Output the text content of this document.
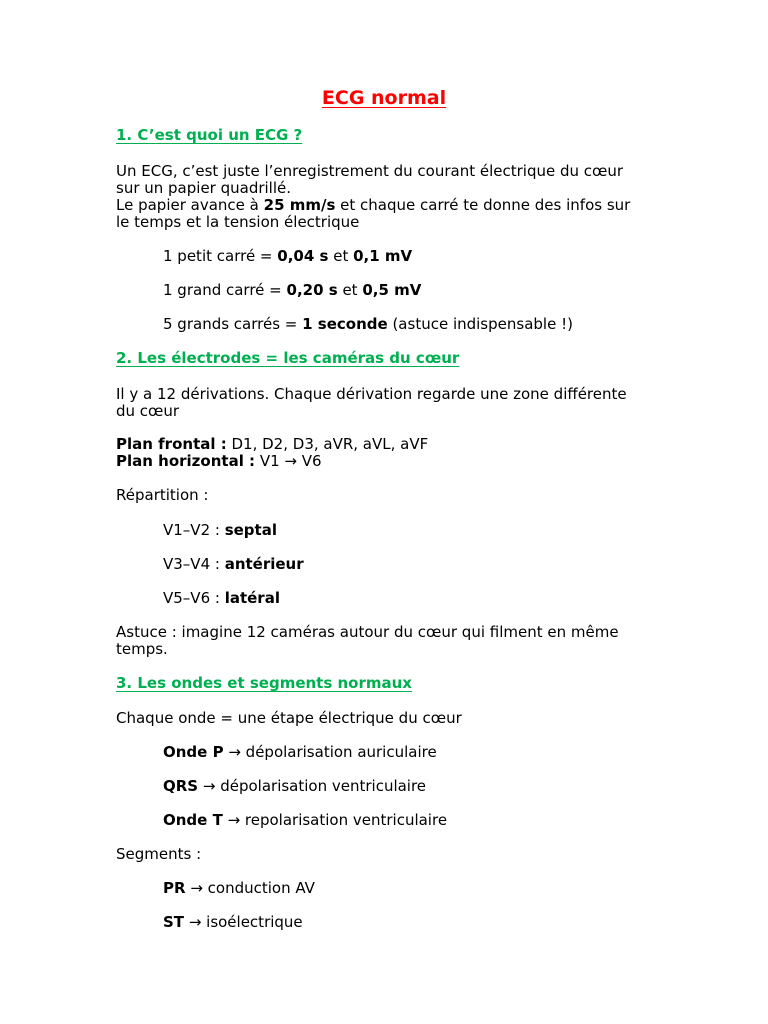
ECG normal
1. C’est quoi un ECG ?
Un ECG, c’est juste l’enregistrement du courant électrique du cœur
sur un papier quadrillé.
Le papier avance à 25 mm/s et chaque carré te donne des infos sur
le temps et la tension électrique
1 petit carré = 0,04 s et 0,1 mV
1 grand carré = 0,20 s et 0,5 mV
5 grands carrés = 1 seconde (astuce indispensable !)
2. Les électrodes = les caméras du cœur
Il y a 12 dérivations. Chaque dérivation regarde une zone différente
du cœur
Plan frontal : D1, D2, D3, aVR, aVL, aVF
Plan horizontal : V1 → V6
Répartition :
V1–V2 : septal
V3–V4 : antérieur
V5–V6 : latéral
Astuce : imagine 12 caméras autour du cœur qui filment en même
temps.
3. Les ondes et segments normaux
Chaque onde = une étape électrique du cœur
Onde P → dépolarisation auriculaire
QRS → dépolarisation ventriculaire
Onde T → repolarisation ventriculaire
Segments :
PR → conduction AV
ST → isoélectrique
